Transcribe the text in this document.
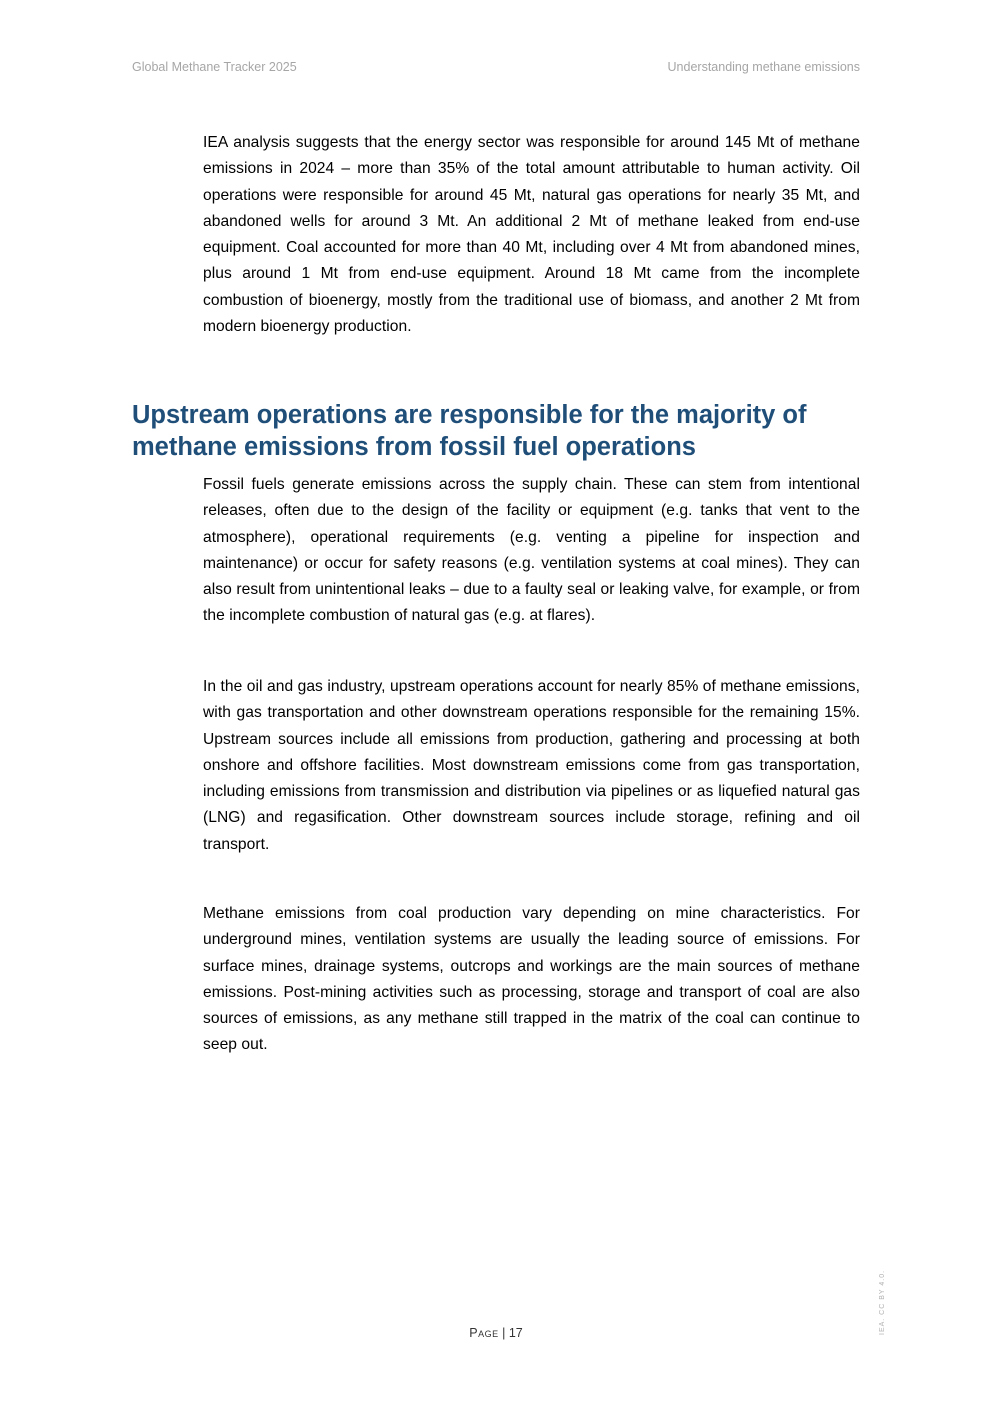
Global Methane Tracker 2025	Understanding methane emissions

IEA analysis suggests that the energy sector was responsible for around 145 Mt of methane emissions in 2024 – more than 35% of the total amount attributable to human activity. Oil operations were responsible for around 45 Mt, natural gas operations for nearly 35 Mt, and abandoned wells for around 3 Mt. An additional 2 Mt of methane leaked from end-use equipment. Coal accounted for more than 40 Mt, including over 4 Mt from abandoned mines, plus around 1 Mt from end-use equipment. Around 18 Mt came from the incomplete combustion of bioenergy, mostly from the traditional use of biomass, and another 2 Mt from modern bioenergy production.

Upstream operations are responsible for the majority of methane emissions from fossil fuel operations

Fossil fuels generate emissions across the supply chain. These can stem from intentional releases, often due to the design of the facility or equipment (e.g. tanks that vent to the atmosphere), operational requirements (e.g. venting a pipeline for inspection and maintenance) or occur for safety reasons (e.g. ventilation systems at coal mines). They can also result from unintentional leaks – due to a faulty seal or leaking valve, for example, or from the incomplete combustion of natural gas (e.g. at flares).

In the oil and gas industry, upstream operations account for nearly 85% of methane emissions, with gas transportation and other downstream operations responsible for the remaining 15%. Upstream sources include all emissions from production, gathering and processing at both onshore and offshore facilities. Most downstream emissions come from gas transportation, including emissions from transmission and distribution via pipelines or as liquefied natural gas (LNG) and regasification. Other downstream sources include storage, refining and oil transport.

Methane emissions from coal production vary depending on mine characteristics. For underground mines, ventilation systems are usually the leading source of emissions. For surface mines, drainage systems, outcrops and workings are the main sources of methane emissions. Post-mining activities such as processing, storage and transport of coal are also sources of emissions, as any methane still trapped in the matrix of the coal can continue to seep out.

Page | 17	IEA. CC BY 4.0.
